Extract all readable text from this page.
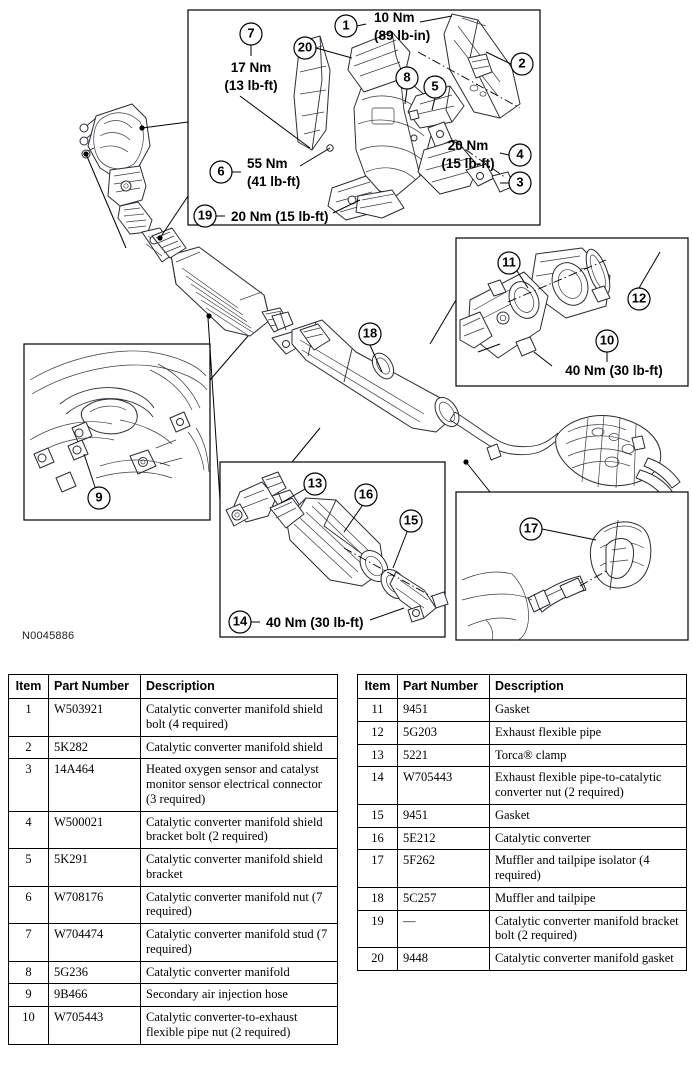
7
17 Nm
(13 lb-ft)
1 10 Nm
(89 lb-in)
20
2
8
5
4
20 Nm
(15 lb-ft)
3
6 55 Nm
(41 lb-ft)
19 20 Nm (15 lb-ft)
11
12
10
40 Nm (30 lb-ft)
9
13
16
15
14 40 Nm (30 lb-ft)
17
18
N0045886
Item	Part Number	Description
1	W503921	Catalytic converter manifold shield bolt (4 required)
2	5K282	Catalytic converter manifold shield
3	14A464	Heated oxygen sensor and catalyst monitor sensor electrical connector (3 required)
4	W500021	Catalytic converter manifold shield bracket bolt (2 required)
5	5K291	Catalytic converter manifold shield bracket
6	W708176	Catalytic converter manifold nut (7 required)
7	W704474	Catalytic converter manifold stud (7 required)
8	5G236	Catalytic converter manifold
9	9B466	Secondary air injection hose
10	W705443	Catalytic converter-to-exhaust flexible pipe nut (2 required)
Item	Part Number	Description
11	9451	Gasket
12	5G203	Exhaust flexible pipe
13	5221	Torca® clamp
14	W705443	Exhaust flexible pipe-to-catalytic converter nut (2 required)
15	9451	Gasket
16	5E212	Catalytic converter
17	5F262	Muffler and tailpipe isolator (4 required)
18	5C257	Muffler and tailpipe
19	—	Catalytic converter manifold bracket bolt (2 required)
20	9448	Catalytic converter manifold gasket
